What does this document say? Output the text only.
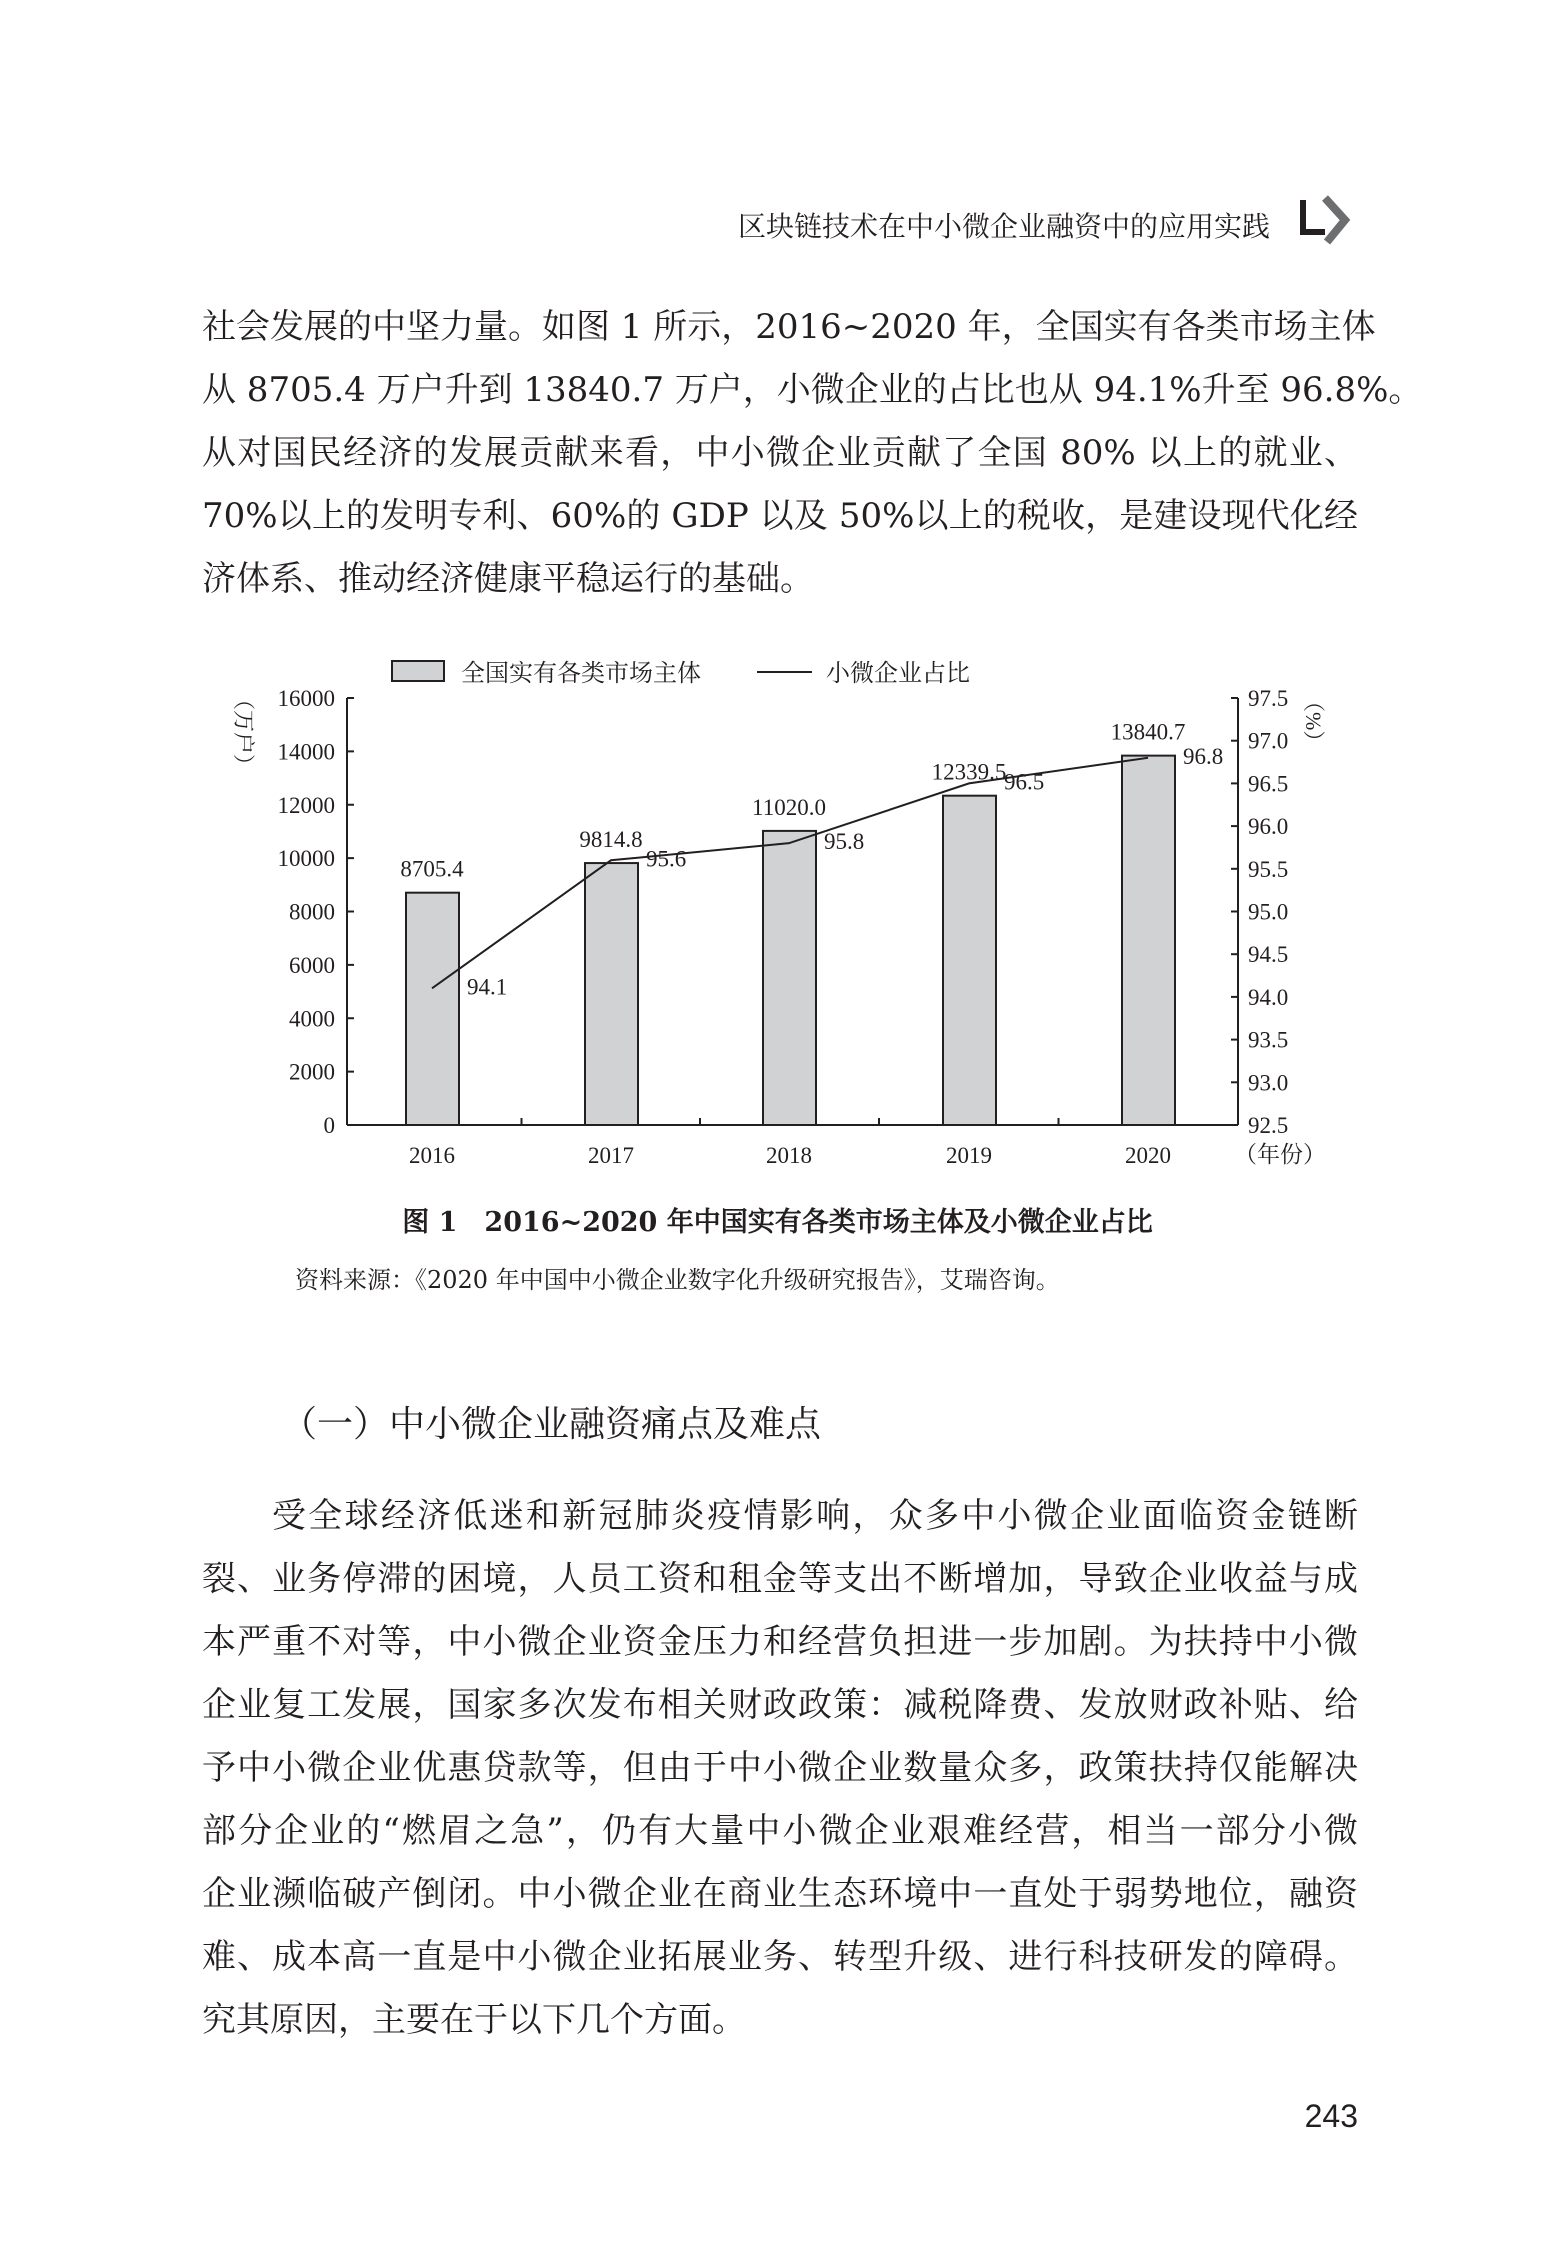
区块链技术在中小微企业融资中的应用实践
社会发展的中坚力量。如图 1 所示，2016~2020 年，全国实有各类市场主体
从 8705.4 万户升到 13840.7 万户，小微企业的占比也从 94.1%升至 96.8%。
从对国民经济的发展贡献来看，中小微企业贡献了全国 80% 以上的就业、
70%以上的发明专利、60%的 GDP 以及 50%以上的税收，是建设现代化经
济体系、推动经济健康平稳运行的基础。
0
2000
4000
6000
8000
10000
12000
14000
16000
92.5
93.0
93.5
94.0
94.5
95.0
95.5
96.0
96.5
97.0
97.5
8705.4
2016
9814.8
2017
11020.0
2018
12339.5
2019
13840.7
2020
94.1
95.6
95.8
96.5
96.8
全国实有各类市场主体	小微企业占比
（万户）	（%）
（年份）
图 1　2016~2020 年中国实有各类市场主体及小微企业占比
资料来源：《2020 年中国中小微企业数字化升级研究报告》，艾瑞咨询。
（一）中小微企业融资痛点及难点
受全球经济低迷和新冠肺炎疫情影响，众多中小微企业面临资金链断
裂、业务停滞的困境，人员工资和租金等支出不断增加，导致企业收益与成
本严重不对等，中小微企业资金压力和经营负担进一步加剧。为扶持中小微
企业复工发展，国家多次发布相关财政政策：减税降费、发放财政补贴、给
予中小微企业优惠贷款等，但由于中小微企业数量众多，政策扶持仅能解决
部分企业的“燃眉之急”，仍有大量中小微企业艰难经营，相当一部分小微
企业濒临破产倒闭。中小微企业在商业生态环境中一直处于弱势地位，融资
难、成本高一直是中小微企业拓展业务、转型升级、进行科技研发的障碍。
究其原因，主要在于以下几个方面。
243
